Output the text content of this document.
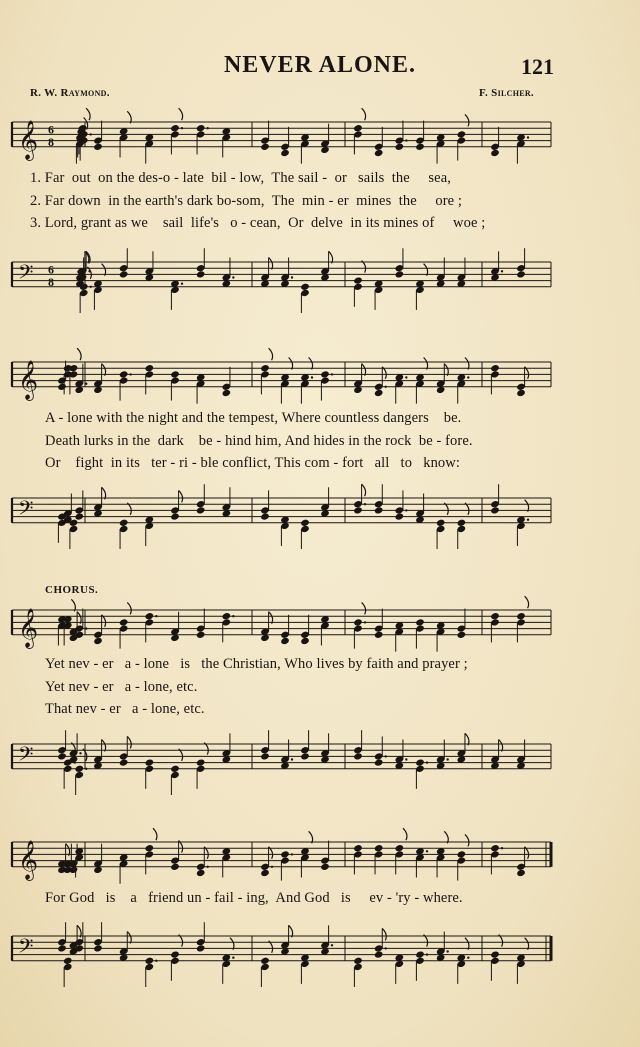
NEVER ALONE.	121
R. W. Raymond.	F. Silcher.
𝄞 6 8
1. Far  out  on the des-o - late  bil - low,  The sail -  or   sails  the     sea,
2. Far down  in the earth's dark bo-som,  The  min - er  mines  the     ore ;
3. Lord, grant as we    sail  life's   o - cean,  Or  delve  in its mines of     woe ;
𝄢 6 8
𝄞
A - lone with the night and the tempest, Where countless dangers    be.
Death lurks in the  dark    be - hind him, And hides in the rock  be - fore.
Or    fight  in its   ter - ri - ble conflict, This com - fort   all   to   know:
𝄢
CHORUS.
𝄞
Yet nev - er   a - lone   is   the Christian, Who lives by faith and prayer ;
Yet nev - er   a - lone, etc.
That nev - er   a - lone, etc.
𝄢
𝄞
For God   is    a   friend un - fail - ing,  And God   is     ev - 'ry - where.
𝄢
